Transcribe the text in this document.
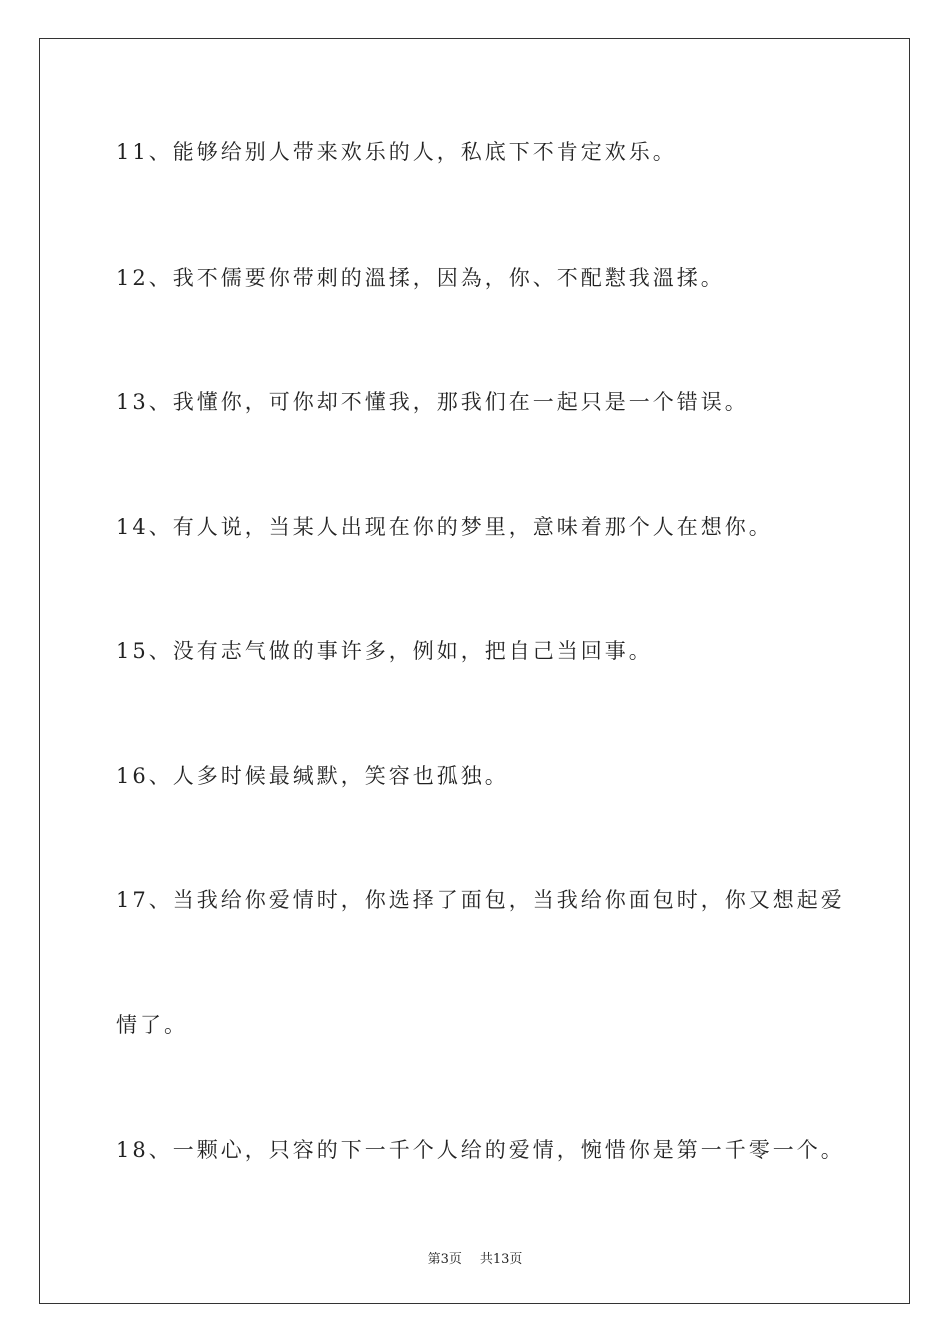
11、能够给别人带来欢乐的人，私底下不肯定欢乐。
12、我不儒要你带刺的溫揉，因為，你、不配懟我溫揉。
13、我懂你，可你却不懂我，那我们在一起只是一个错误。
14、有人说，当某人出现在你的梦里，意味着那个人在想你。
15、没有志气做的事许多，例如，把自己当回事。
16、人多时候最缄默，笑容也孤独。
17、当我给你爱情时，你选择了面包，当我给你面包时，你又想起爱
情了。
18、一颗心，只容的下一千个人给的爱情，惋惜你是第一千零一个。
第3页 共13页
